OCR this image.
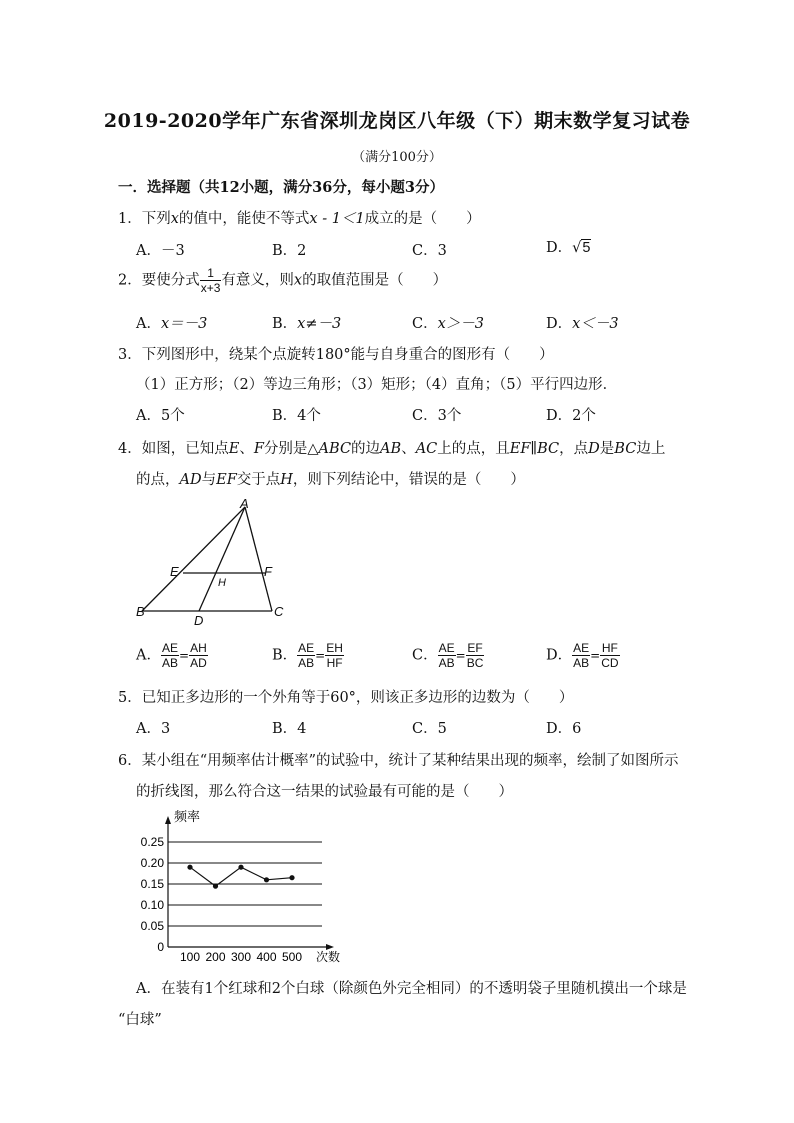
2019-2020学年广东省深圳龙岗区八年级（下）期末数学复习试卷
（满分100分）
一．选择题（共12小题，满分36分，每小题3分）
1．下列x的值中，能使不等式x - 1＜1成立的是（　　）
A．－3	B．2	C．3	D．√5
2．要使分式 $\frac{1}{x+3}$ 有意义，则x的取值范围是（　　）
A．x＝－3	B．x≠－3	C．x＞－3	D．x＜－3
3．下列图形中，绕某个点旋转180°能与自身重合的图形有（　　）
（1）正方形；（2）等边三角形；（3）矩形；（4）直角；（5）平行四边形．
A．5个	B．4个	C．3个	D．2个
4．如图，已知点E、F分别是△ABC的边AB、AC上的点，且EF∥BC，点D是BC边上
的点，AD与EF交于点H，则下列结论中，错误的是（　　）
A
B	C
D
E	F
H
A． $\frac{AE}{AB} = \frac{AH}{AD}$	B． $\frac{AE}{AB} = \frac{EH}{HF}$	C． $\frac{AE}{AB} = \frac{EF}{BC}$	D． $\frac{AE}{AB} = \frac{HF}{CD}$
5．已知正多边形的一个外角等于60°，则该正多边形的边数为（　　）
A．3	B．4	C．5	D．6
6．某小组在“用频率估计概率”的试验中，统计了某种结果出现的频率，绘制了如图所示
的折线图，那么符合这一结果的试验最有可能的是（　　）
0
0.05
0.10
0.15
0.20
0.25
100 200 300 400 500
频率
次数
A．在装有1个红球和2个白球（除颜色外完全相同）的不透明袋子里随机摸出一个球是
“白球”
